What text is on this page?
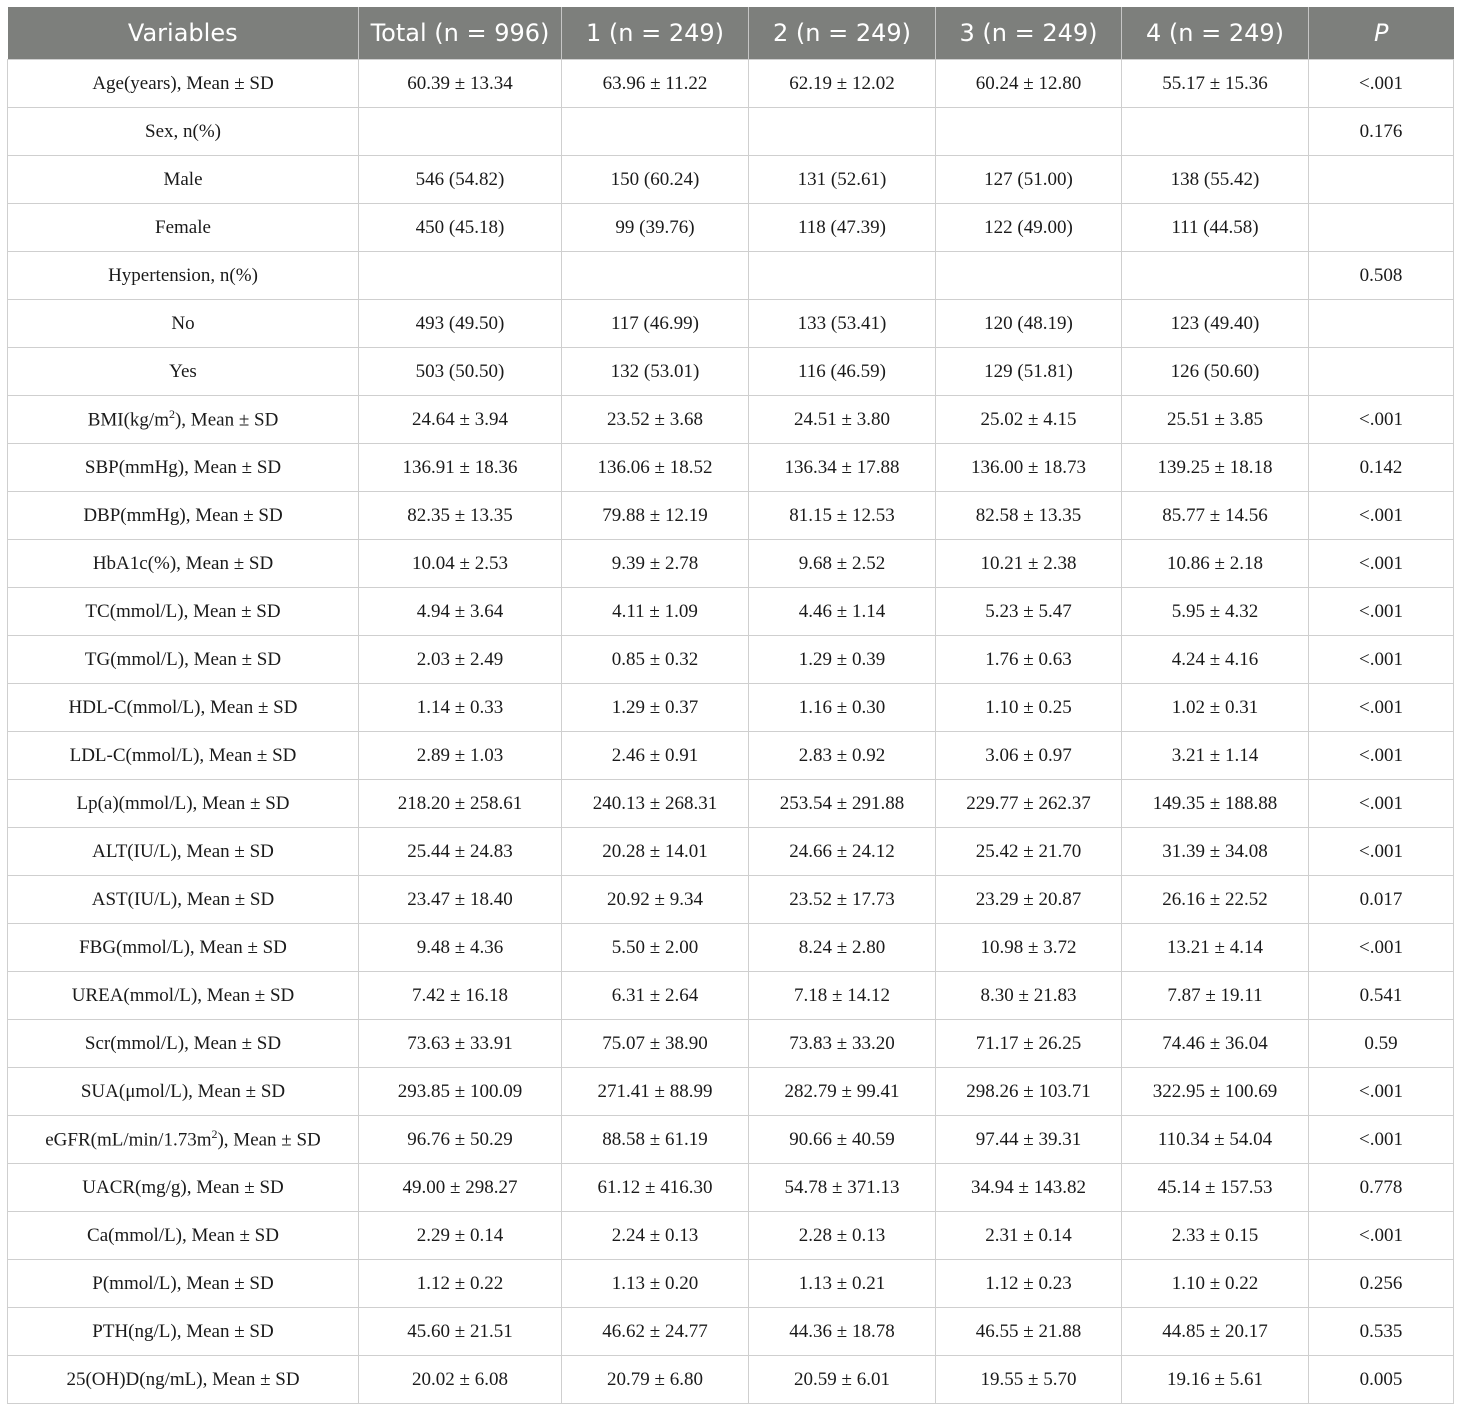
Variables	Total (n = 996)	1 (n = 249)	2 (n = 249)	3 (n = 249)	4 (n = 249)	P
Age(years), Mean ± SD	60.39 ± 13.34	63.96 ± 11.22	62.19 ± 12.02	60.24 ± 12.80	55.17 ± 15.36	<.001
Sex, n(%)						0.176
Male	546 (54.82)	150 (60.24)	131 (52.61)	127 (51.00)	138 (55.42)	
Female	450 (45.18)	99 (39.76)	118 (47.39)	122 (49.00)	111 (44.58)	
Hypertension, n(%)						0.508
No	493 (49.50)	117 (46.99)	133 (53.41)	120 (48.19)	123 (49.40)	
Yes	503 (50.50)	132 (53.01)	116 (46.59)	129 (51.81)	126 (50.60)	
$BMI(kg/m^2)$, Mean ± SD	24.64 ± 3.94	23.52 ± 3.68	24.51 ± 3.80	25.02 ± 4.15	25.51 ± 3.85	<.001
SBP(mmHg), Mean ± SD	136.91 ± 18.36	136.06 ± 18.52	136.34 ± 17.88	136.00 ± 18.73	139.25 ± 18.18	0.142
DBP(mmHg), Mean ± SD	82.35 ± 13.35	79.88 ± 12.19	81.15 ± 12.53	82.58 ± 13.35	85.77 ± 14.56	<.001
HbA1c(%), Mean ± SD	10.04 ± 2.53	9.39 ± 2.78	9.68 ± 2.52	10.21 ± 2.38	10.86 ± 2.18	<.001
TC(mmol/L), Mean ± SD	4.94 ± 3.64	4.11 ± 1.09	4.46 ± 1.14	5.23 ± 5.47	5.95 ± 4.32	<.001
TG(mmol/L), Mean ± SD	2.03 ± 2.49	0.85 ± 0.32	1.29 ± 0.39	1.76 ± 0.63	4.24 ± 4.16	<.001
HDL-C(mmol/L), Mean ± SD	1.14 ± 0.33	1.29 ± 0.37	1.16 ± 0.30	1.10 ± 0.25	1.02 ± 0.31	<.001
LDL-C(mmol/L), Mean ± SD	2.89 ± 1.03	2.46 ± 0.91	2.83 ± 0.92	3.06 ± 0.97	3.21 ± 1.14	<.001
Lp(a)(mmol/L), Mean ± SD	218.20 ± 258.61	240.13 ± 268.31	253.54 ± 291.88	229.77 ± 262.37	149.35 ± 188.88	<.001
ALT(IU/L), Mean ± SD	25.44 ± 24.83	20.28 ± 14.01	24.66 ± 24.12	25.42 ± 21.70	31.39 ± 34.08	<.001
AST(IU/L), Mean ± SD	23.47 ± 18.40	20.92 ± 9.34	23.52 ± 17.73	23.29 ± 20.87	26.16 ± 22.52	0.017
FBG(mmol/L), Mean ± SD	9.48 ± 4.36	5.50 ± 2.00	8.24 ± 2.80	10.98 ± 3.72	13.21 ± 4.14	<.001
UREA(mmol/L), Mean ± SD	7.42 ± 16.18	6.31 ± 2.64	7.18 ± 14.12	8.30 ± 21.83	7.87 ± 19.11	0.541
Scr(mmol/L), Mean ± SD	73.63 ± 33.91	75.07 ± 38.90	73.83 ± 33.20	71.17 ± 26.25	74.46 ± 36.04	0.59
SUA(μmol/L), Mean ± SD	293.85 ± 100.09	271.41 ± 88.99	282.79 ± 99.41	298.26 ± 103.71	322.95 ± 100.69	<.001
$eGFR(mL/\min/1.73m^2)$, Mean ± SD	96.76 ± 50.29	88.58 ± 61.19	90.66 ± 40.59	97.44 ± 39.31	110.34 ± 54.04	<.001
UACR(mg/g), Mean ± SD	49.00 ± 298.27	61.12 ± 416.30	54.78 ± 371.13	34.94 ± 143.82	45.14 ± 157.53	0.778
Ca(mmol/L), Mean ± SD	2.29 ± 0.14	2.24 ± 0.13	2.28 ± 0.13	2.31 ± 0.14	2.33 ± 0.15	<.001
P(mmol/L), Mean ± SD	1.12 ± 0.22	1.13 ± 0.20	1.13 ± 0.21	1.12 ± 0.23	1.10 ± 0.22	0.256
PTH(ng/L), Mean ± SD	45.60 ± 21.51	46.62 ± 24.77	44.36 ± 18.78	46.55 ± 21.88	44.85 ± 20.17	0.535
25(OH)D(ng/mL), Mean ± SD	20.02 ± 6.08	20.79 ± 6.80	20.59 ± 6.01	19.55 ± 5.70	19.16 ± 5.61	0.005
